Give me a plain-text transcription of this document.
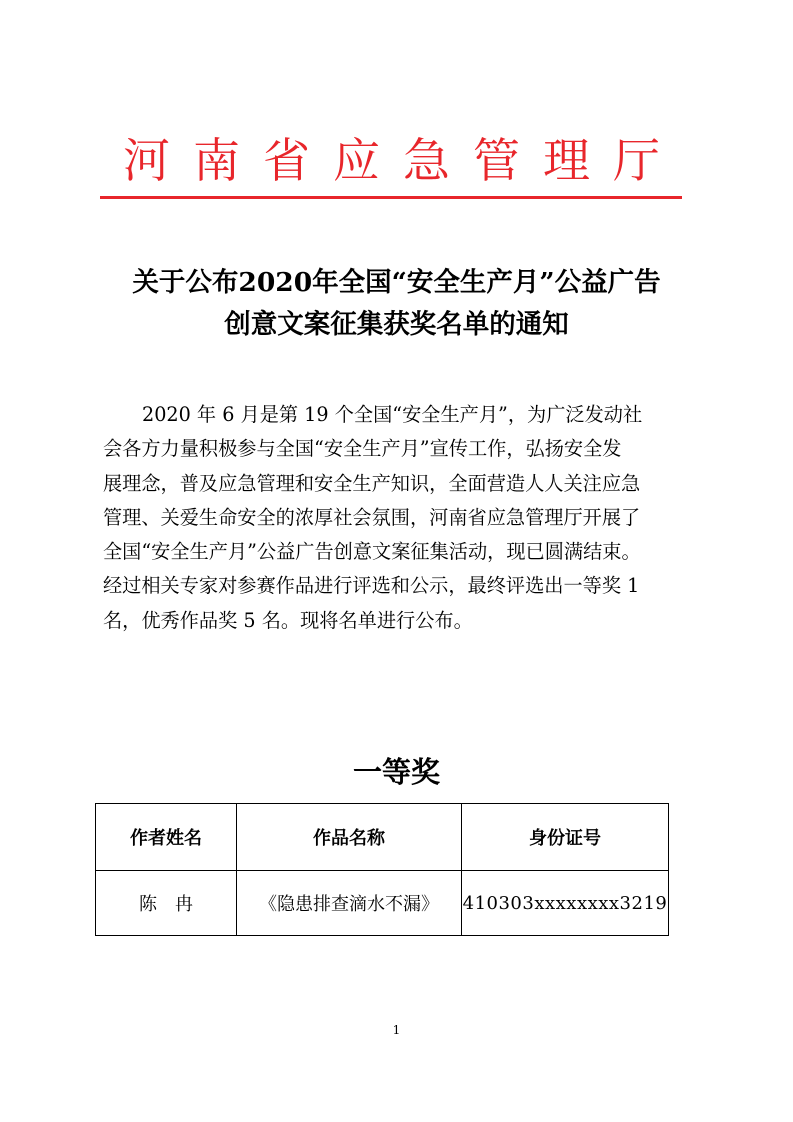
河南省应急管理厅
关于公布2020年全国“安全生产月”公益广告
创意文案征集获奖名单的通知
2020 年 6 月是第 19 个全国“安全生产月”，为广泛发动社
会各方力量积极参与全国“安全生产月”宣传工作，弘扬安全发
展理念，普及应急管理和安全生产知识，全面营造人人关注应急
管理、关爱生命安全的浓厚社会氛围，河南省应急管理厅开展了
全国“安全生产月”公益广告创意文案征集活动，现已圆满结束。
经过相关专家对参赛作品进行评选和公示，最终评选出一等奖 1
名，优秀作品奖 5 名。现将名单进行公布。
一等奖
作者姓名	作品名称	身份证号
陈冉	《隐患排查滴水不漏》	410303xxxxxxxx3219
1
